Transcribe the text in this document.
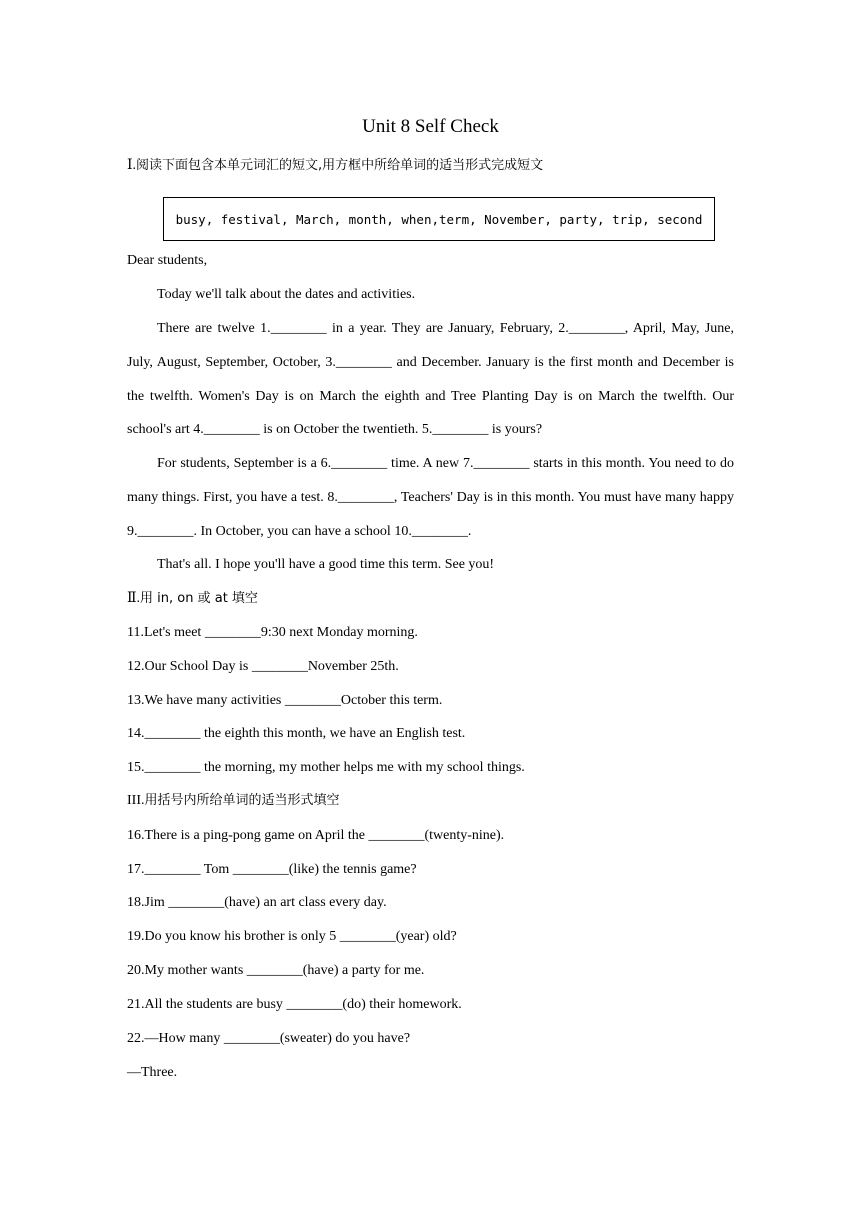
Unit 8 Self Check
Ⅰ.阅读下面包含本单元词汇的短文,用方框中所给单词的适当形式完成短文
busy, festival, March, month, when,term, November, party, trip, second
Dear students,
Today we'll talk about the dates and activities.
There are twelve 1.________ in a year. They are January, February, 2.________, April, May, June, July, August, September, October, 3.________ and December. January is the first month and December is the twelfth. Women's Day is on March the eighth and Tree Planting Day is on March the twelfth. Our school's art 4.________ is on October the twentieth. 5.________ is yours?
For students, September is a 6.________ time. A new 7.________ starts in this month. You need to do many things. First, you have a test. 8.________, Teachers' Day is in this month. You must have many happy 9.________. In October, you can have a school 10.________.
That's all. I hope you'll have a good time this term. See you!
Ⅱ.用 in, on 或 at 填空
11.Let's meet ________9:30 next Monday morning.
12.Our School Day is ________November 25th.
13.We have many activities ________October this term.
14.________ the eighth this month, we have an English test.
15.________ the morning, my mother helps me with my school things.
III.用括号内所给单词的适当形式填空
16.There is a ping-pong game on April the ________(twenty-nine).
17.________ Tom ________(like) the tennis game?
18.Jim ________(have) an art class every day.
19.Do you know his brother is only 5 ________(year) old?
20.My mother wants ________(have) a party for me.
21.All the students are busy ________(do) their homework.
22.—How many ________(sweater) do you have?
—Three.
